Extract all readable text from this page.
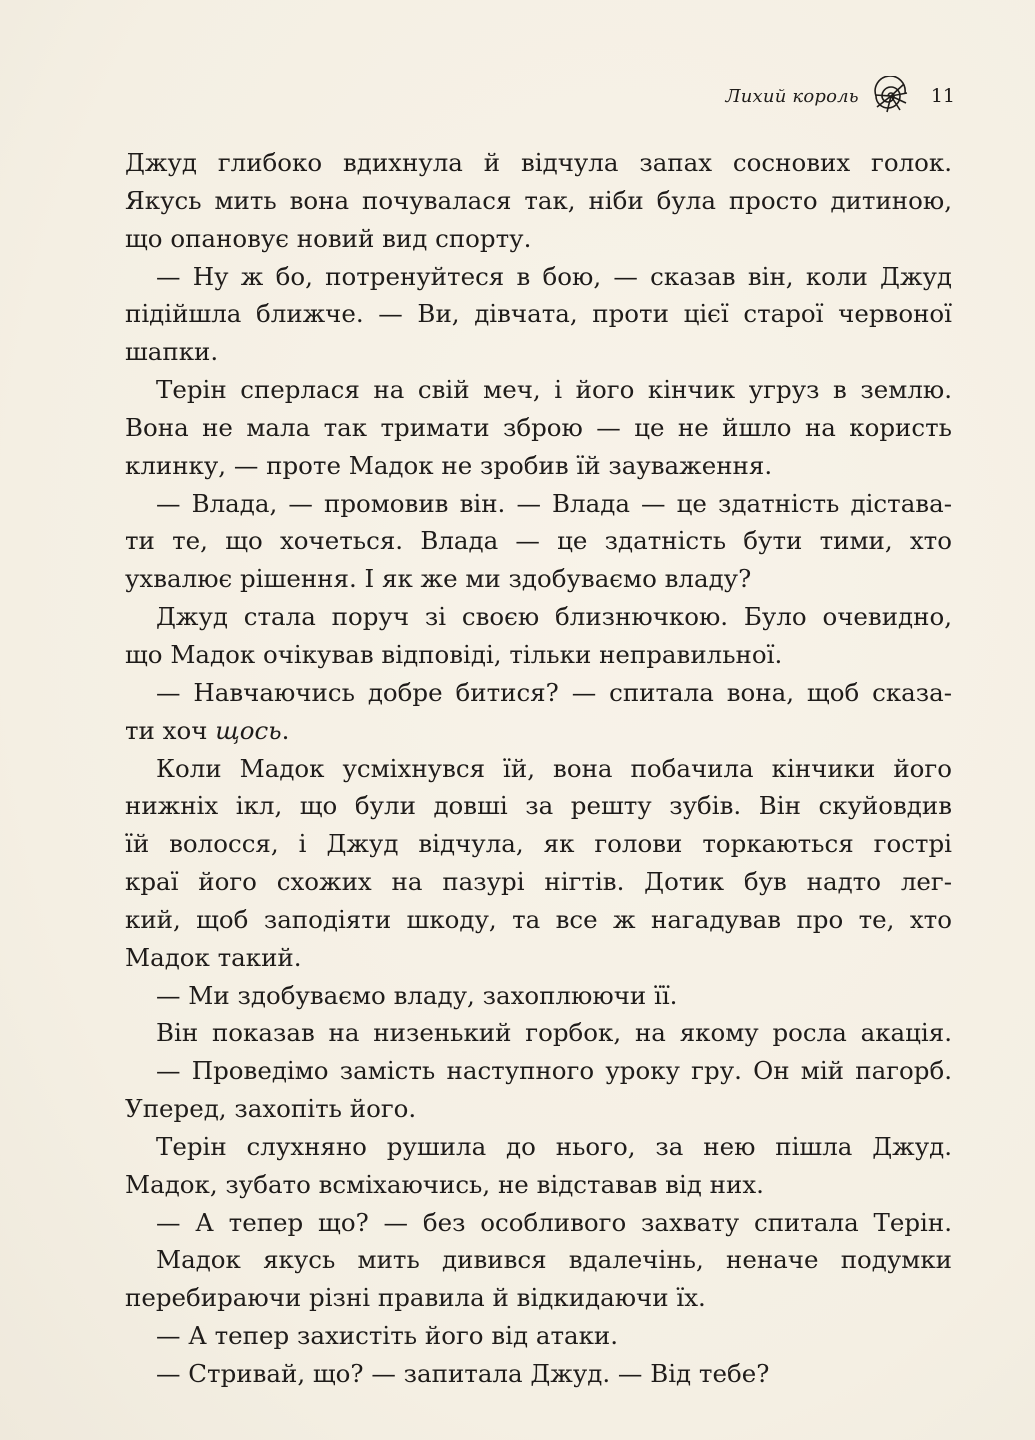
Лихий король	11
Джуд глибоко вдихнула й відчула запах соснових голок.
Якусь мить вона почувалася так, ніби була просто дитиною,
що опановує новий вид спорту.
— Ну ж бо, потренуйтеся в бою, — сказав він, коли Джуд
підійшла ближче. — Ви, дівчата, проти цієї старої червоної
шапки.
Терін сперлася на свій меч, і його кінчик угруз в землю.
Вона не мала так тримати зброю — це не йшло на користь
клинку, — проте Мадок не зробив їй зауваження.
— Влада, — промовив він. — Влада — це здатність дістава-
ти те, що хочеться. Влада — це здатність бути тими, хто
ухвалює рішення. І як же ми здобуваємо владу?
Джуд стала поруч зі своєю близнючкою. Було очевидно,
що Мадок очікував відповіді, тільки неправильної.
— Навчаючись добре битися? — спитала вона, щоб сказа-
ти хоч щось.
Коли Мадок усміхнувся їй, вона побачила кінчики його
нижніх ікл, що були довші за решту зубів. Він скуйовдив
їй волосся, і Джуд відчула, як голови торкаються гострі
краї його схожих на пазурі нігтів. Дотик був надто лег-
кий, щоб заподіяти шкоду, та все ж нагадував про те, хто
Мадок такий.
— Ми здобуваємо владу, захоплюючи її.
Він показав на низенький горбок, на якому росла акація.
— Проведімо замість наступного уроку гру. Он мій пагорб.
Уперед, захопіть його.
Терін слухняно рушила до нього, за нею пішла Джуд.
Мадок, зубато всміхаючись, не відставав від них.
— А тепер що? — без особливого захвату спитала Терін.
Мадок якусь мить дивився вдалечінь, неначе подумки
перебираючи різні правила й відкидаючи їх.
— А тепер захистіть його від атаки.
— Стривай, що? — запитала Джуд. — Від тебе?
